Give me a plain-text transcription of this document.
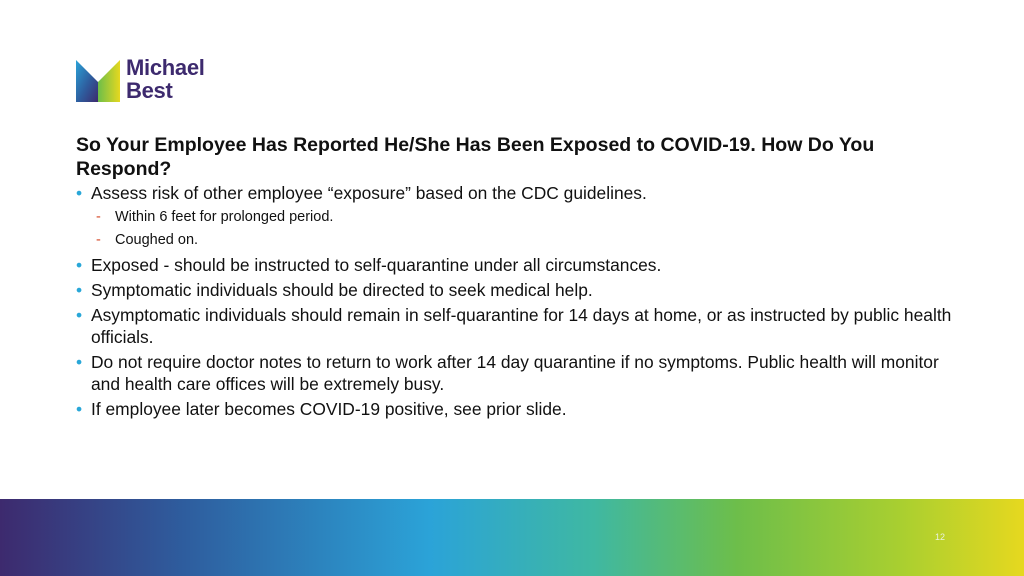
Michael
Best
So Your Employee Has Reported He/She Has Been Exposed to COVID-19. How Do You Respond?
• Assess risk of other employee “exposure” based on the CDC guidelines.
- Within 6 feet for prolonged period.
- Coughed on.
• Exposed - should be instructed to self-quarantine under all circumstances.
• Symptomatic individuals should be directed to seek medical help.
• Asymptomatic individuals should remain in self-quarantine for 14 days at home, or as instructed by public health officials.
• Do not require doctor notes to return to work after 14 day quarantine if no symptoms. Public health will monitor and health care offices will be extremely busy.
• If employee later becomes COVID-19 positive, see prior slide.
12
